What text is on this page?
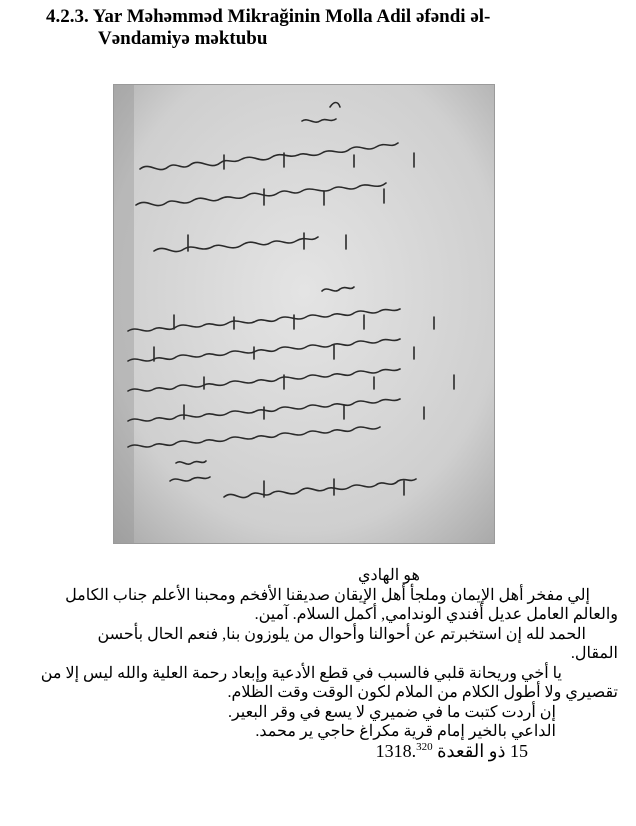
4.2.3. Yar Məhəmməd Mikrağinin Molla Adil əfəndi əl-
Vəndamiyə məktubu

هو الهادي

إلي مفخر أهل الإيمان وملجأ أهل الإيقان صديقنا الأفخم ومحبنا الأعلم جناب الكامل

والعالم العامل عديل أفندي الوندامي, أكمل السلام. آمين.

الحمد لله إن استخبرتم عن أحوالنا وأحوال من يلوزون بنا, فنعم الحال بأحسن

المقال.

يا أخي وريحانة قلبي فالسبب في قطع الأدعية وإبعاد رحمة العلية والله ليس إلا من

تقصيري ولا أطول الكلام من الملام لكون الوقت وقت الظلام.

إن أردت كتبت ما في ضميري لا يسع في وقر البعير.

الداعي بالخير إمام قرية مكراغ حاجي ير محمد.

15 ذو القعدة 1318.$^{320}$
